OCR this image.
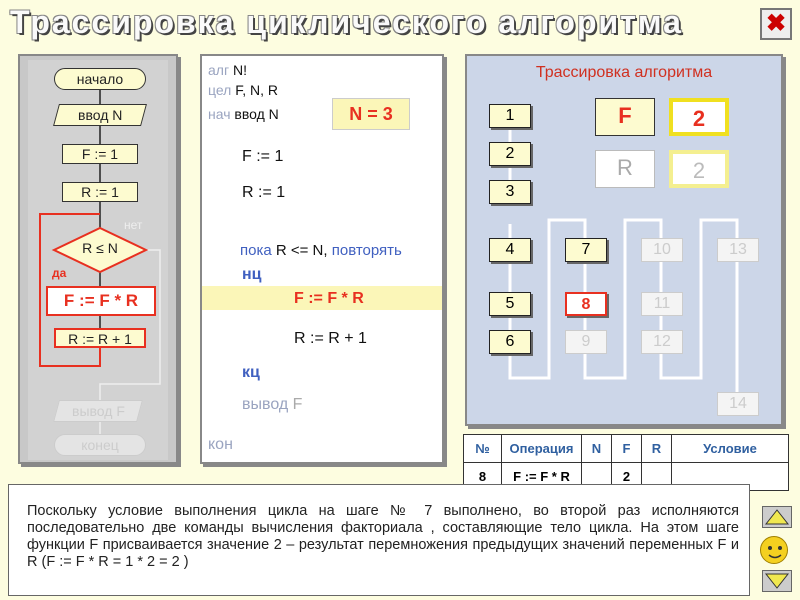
Трассировка циклического алгоритма	✖
начало
ввод N
F := 1
R := 1
R ≤ N
нет
да
F := F * R
R := R + 1
вывод F
конец
алг N!
цел F, N, R
нач ввод N	N = 3
F := 1
R := 1
пока R <= N, повторять
нц
F := F * R
R := R + 1
кц
вывод F
кон
Трассировка алгоритма
1
2
3
4
5
6
7
8
9
10
11
12
13
14
F	2
R	2
№	Операция	N	F	R	Условие
8	F := F * R		2		
Поскольку условие выполнения цикла на шаге № 7 выполнено, во второй раз исполняются последовательно две команды вычисления факториала , составляющие тело цикла. На этом шаге функции F присваивается значение 2 – результат перемножения предыдущих значений переменных F и R (F := F * R = 1 * 2 = 2 )
